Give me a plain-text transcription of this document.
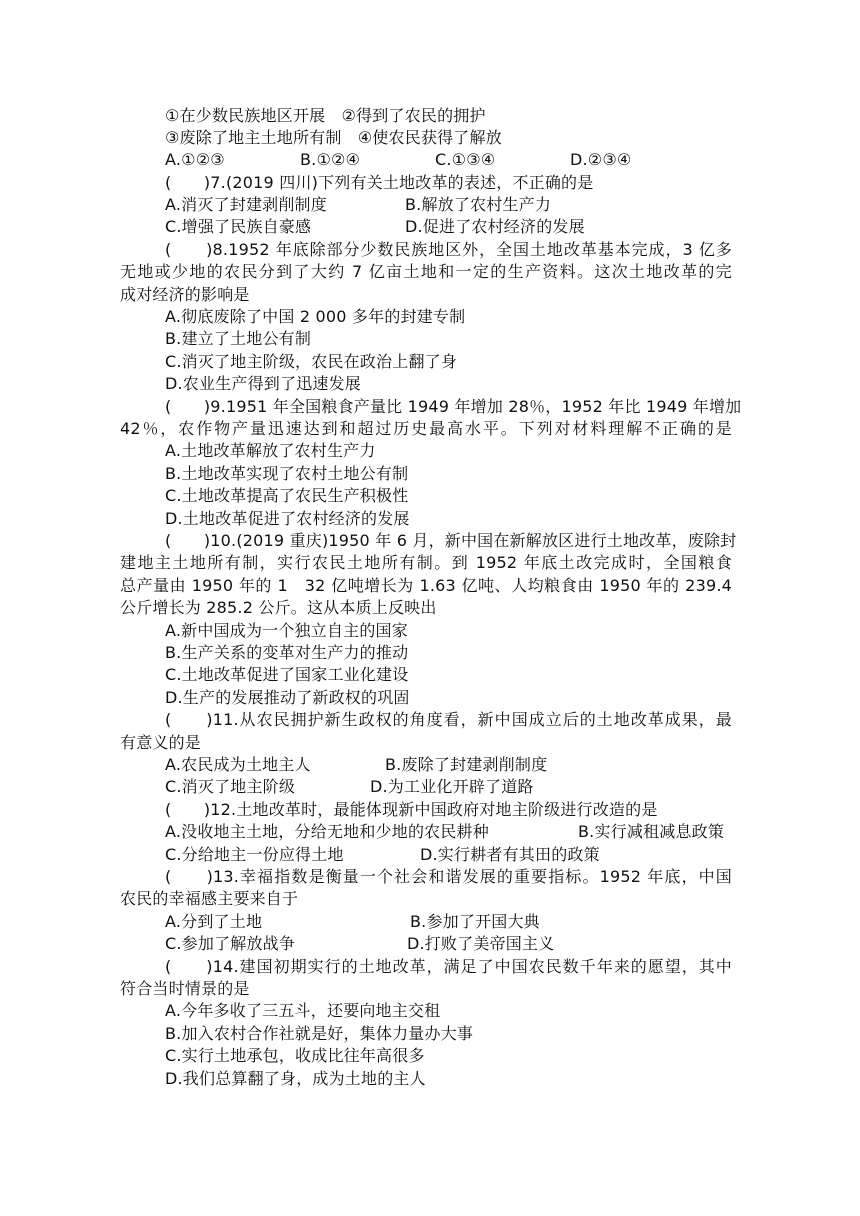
①在少数民族地区开展　②得到了农民的拥护
③废除了地主土地所有制　④使农民获得了解放
A.①②③	B.①②④	C.①③④	D.②③④
(　　)7.(2019 四川)下列有关土地改革的表述，不正确的是
A.消灭了封建剥削制度	B.解放了农村生产力
C.增强了民族自豪感	D.促进了农村经济的发展
(　　)8.1952 年底除部分少数民族地区外，全国土地改革基本完成，3 亿多
无地或少地的农民分到了大约 7 亿亩土地和一定的生产资料。这次土地改革的完
成对经济的影响是
A.彻底废除了中国 2 000 多年的封建专制
B.建立了土地公有制
C.消灭了地主阶级，农民在政治上翻了身
D.农业生产得到了迅速发展
(　　)9.1951 年全国粮食产量比 1949 年增加 28％，1952 年比 1949 年增加
42％，农作物产量迅速达到和超过历史最高水平。下列对材料理解不正确的是
A.土地改革解放了农村生产力
B.土地改革实现了农村土地公有制
C.土地改革提高了农民生产积极性
D.土地改革促进了农村经济的发展
(　　)10.(2019 重庆)1950 年 6 月，新中国在新解放区进行土地改革，废除封
建地主土地所有制，实行农民土地所有制。到 1952 年底土改完成时，全国粮食
总产量由 1950 年的 1　32 亿吨增长为 1.63 亿吨、人均粮食由 1950 年的 239.4
公斤增长为 285.2 公斤。这从本质上反映出
A.新中国成为一个独立自主的国家
B.生产关系的变革对生产力的推动
C.土地改革促进了国家工业化建设
D.生产的发展推动了新政权的巩固
(　　)11.从农民拥护新生政权的角度看，新中国成立后的土地改革成果，最
有意义的是
A.农民成为土地主人	B.废除了封建剥削制度
C.消灭了地主阶级	D.为工业化开辟了道路
(　　)12.土地改革时，最能体现新中国政府对地主阶级进行改造的是
A.没收地主土地，分给无地和少地的农民耕种	B.实行减租减息政策
C.分给地主一份应得土地	D.实行耕者有其田的政策
(　　)13.幸福指数是衡量一个社会和谐发展的重要指标。1952 年底，中国
农民的幸福感主要来自于
A.分到了土地	B.参加了开国大典
C.参加了解放战争	D.打败了美帝国主义
(　　)14.建国初期实行的土地改革，满足了中国农民数千年来的愿望，其中
符合当时情景的是
A.今年多收了三五斗，还要向地主交租
B.加入农村合作社就是好，集体力量办大事
C.实行土地承包，收成比往年高很多
D.我们总算翻了身，成为土地的主人
